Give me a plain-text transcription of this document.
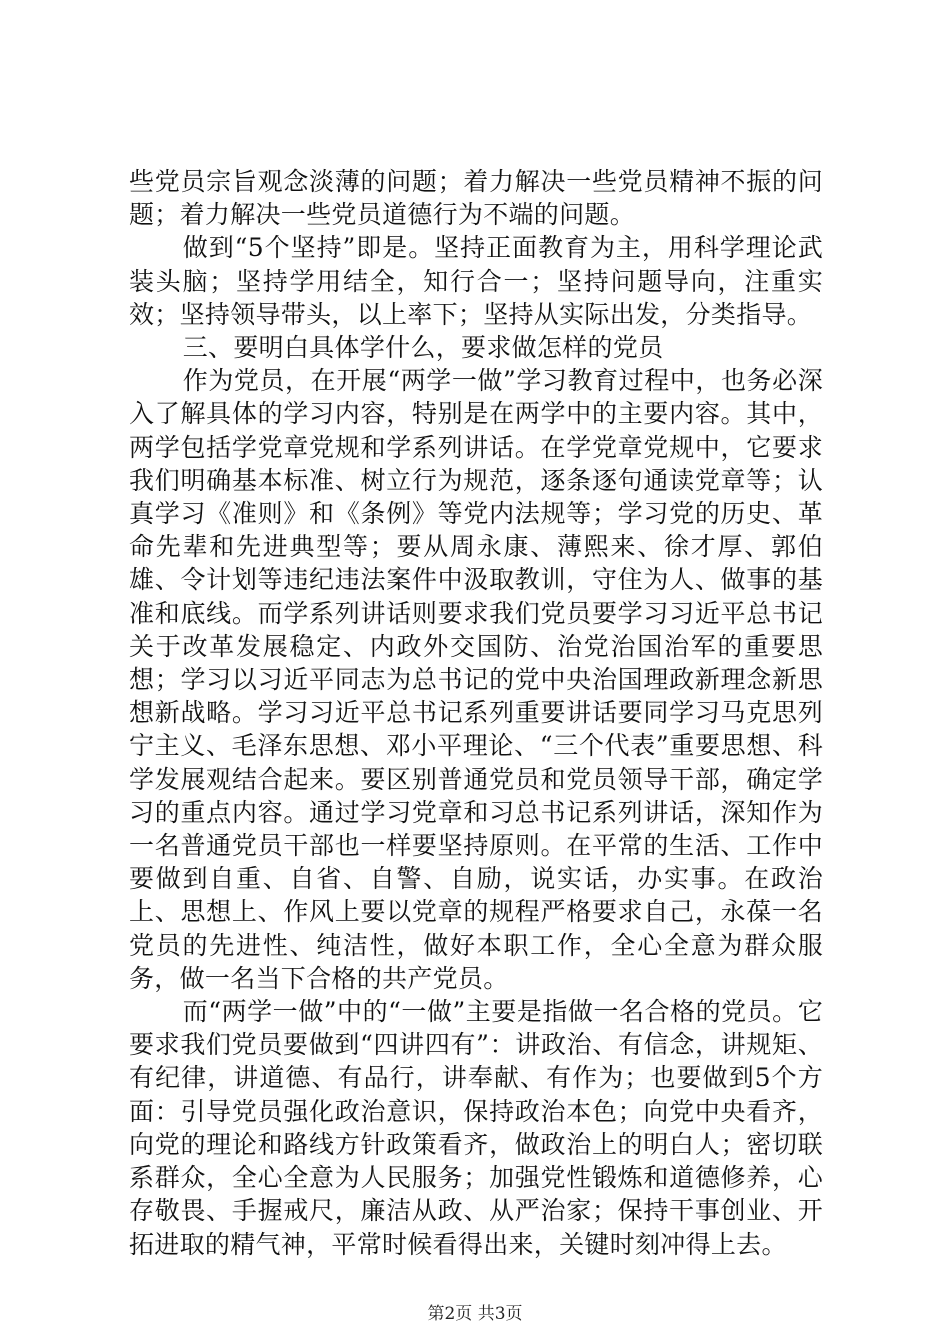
些党员宗旨观念淡薄的问题；着力解决一些党员精神不振的问题；着力解决一些党员道德行为不端的问题。

做到“5个坚持”即是。坚持正面教育为主，用科学理论武装头脑；坚持学用结全，知行合一；坚持问题导向，注重实效；坚持领导带头，以上率下；坚持从实际出发，分类指导。

三、要明白具体学什么，要求做怎样的党员

作为党员，在开展“两学一做”学习教育过程中，也务必深入了解具体的学习内容，特别是在两学中的主要内容。其中，两学包括学党章党规和学系列讲话。在学党章党规中，它要求我们明确基本标准、树立行为规范，逐条逐句通读党章等；认真学习《准则》和《条例》等党内法规等；学习党的历史、革命先辈和先进典型等；要从周永康、薄熙来、徐才厚、郭伯雄、令计划等违纪违法案件中汲取教训，守住为人、做事的基准和底线。而学系列讲话则要求我们党员要学习习近平总书记关于改革发展稳定、内政外交国防、治党治国治军的重要思想；学习以习近平同志为总书记的党中央治国理政新理念新思想新战略。学习习近平总书记系列重要讲话要同学习马克思列宁主义、毛泽东思想、邓小平理论、“三个代表”重要思想、科学发展观结合起来。要区别普通党员和党员领导干部，确定学习的重点内容。通过学习党章和习总书记系列讲话，深知作为一名普通党员干部也一样要坚持原则。在平常的生活、工作中要做到自重、自省、自警、自励，说实话，办实事。在政治上、思想上、作风上要以党章的规程严格要求自己，永葆一名党员的先进性、纯洁性，做好本职工作，全心全意为群众服务，做一名当下合格的共产党员。

而“两学一做”中的“一做”主要是指做一名合格的党员。它要求我们党员要做到“四讲四有”：讲政治、有信念，讲规矩、有纪律，讲道德、有品行，讲奉献、有作为；也要做到5个方面：引导党员强化政治意识，保持政治本色；向党中央看齐，向党的理论和路线方针政策看齐，做政治上的明白人；密切联系群众，全心全意为人民服务；加强党性锻炼和道德修养，心存敬畏、手握戒尺，廉洁从政、从严治家；保持干事创业、开拓进取的精气神，平常时候看得出来，关键时刻冲得上去。

第2页 共3页
